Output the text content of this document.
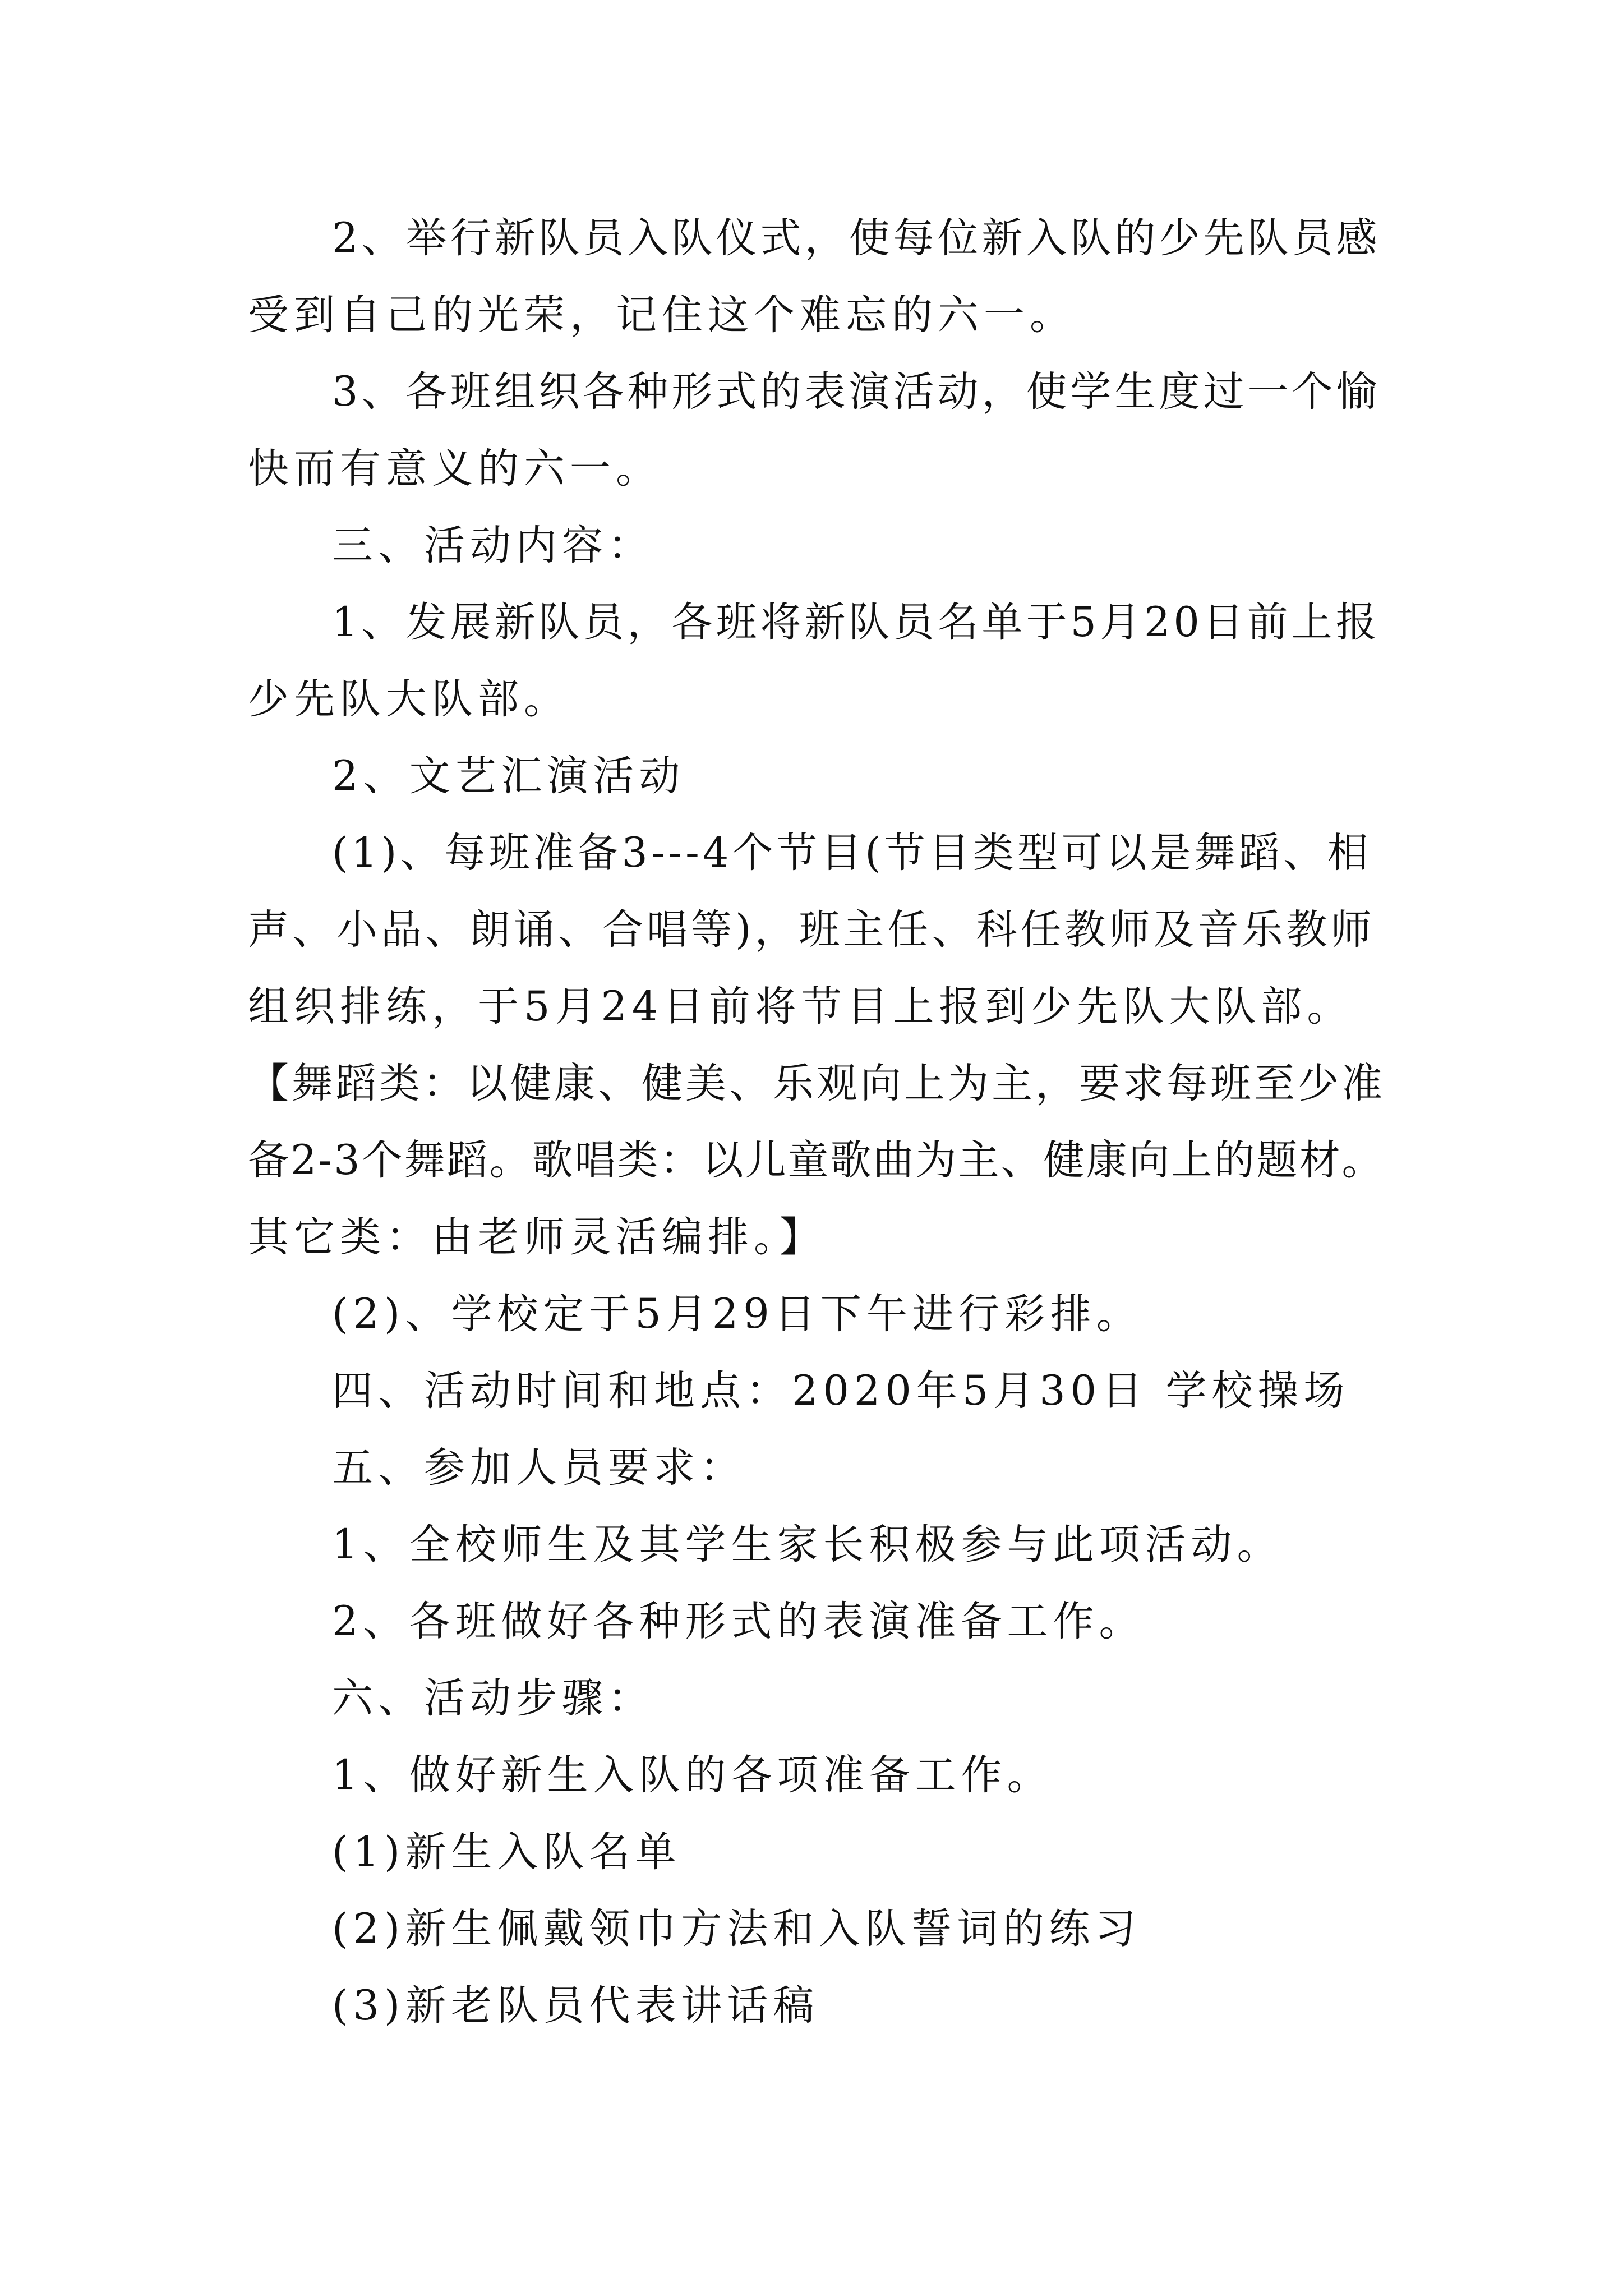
2、举行新队员入队仪式，使每位新入队的少先队员感
受到自己的光荣，记住这个难忘的六一。
3、各班组织各种形式的表演活动，使学生度过一个愉
快而有意义的六一。
三、活动内容：
1、发展新队员，各班将新队员名单于5月20日前上报
少先队大队部。
2、文艺汇演活动
(1)、每班准备3---4个节目(节目类型可以是舞蹈、相
声、小品、朗诵、合唱等)，班主任、科任教师及音乐教师
组织排练，于5月24日前将节目上报到少先队大队部。
【舞蹈类：以健康、健美、乐观向上为主，要求每班至少准
备2-3个舞蹈。歌唱类：以儿童歌曲为主、健康向上的题材。
其它类：由老师灵活编排。】
(2)、学校定于5月29日下午进行彩排。
四、活动时间和地点：2020年5月30日 学校操场
五、参加人员要求：
1、全校师生及其学生家长积极参与此项活动。
2、各班做好各种形式的表演准备工作。
六、活动步骤：
1、做好新生入队的各项准备工作。
(1)新生入队名单
(2)新生佩戴领巾方法和入队誓词的练习
(3)新老队员代表讲话稿
